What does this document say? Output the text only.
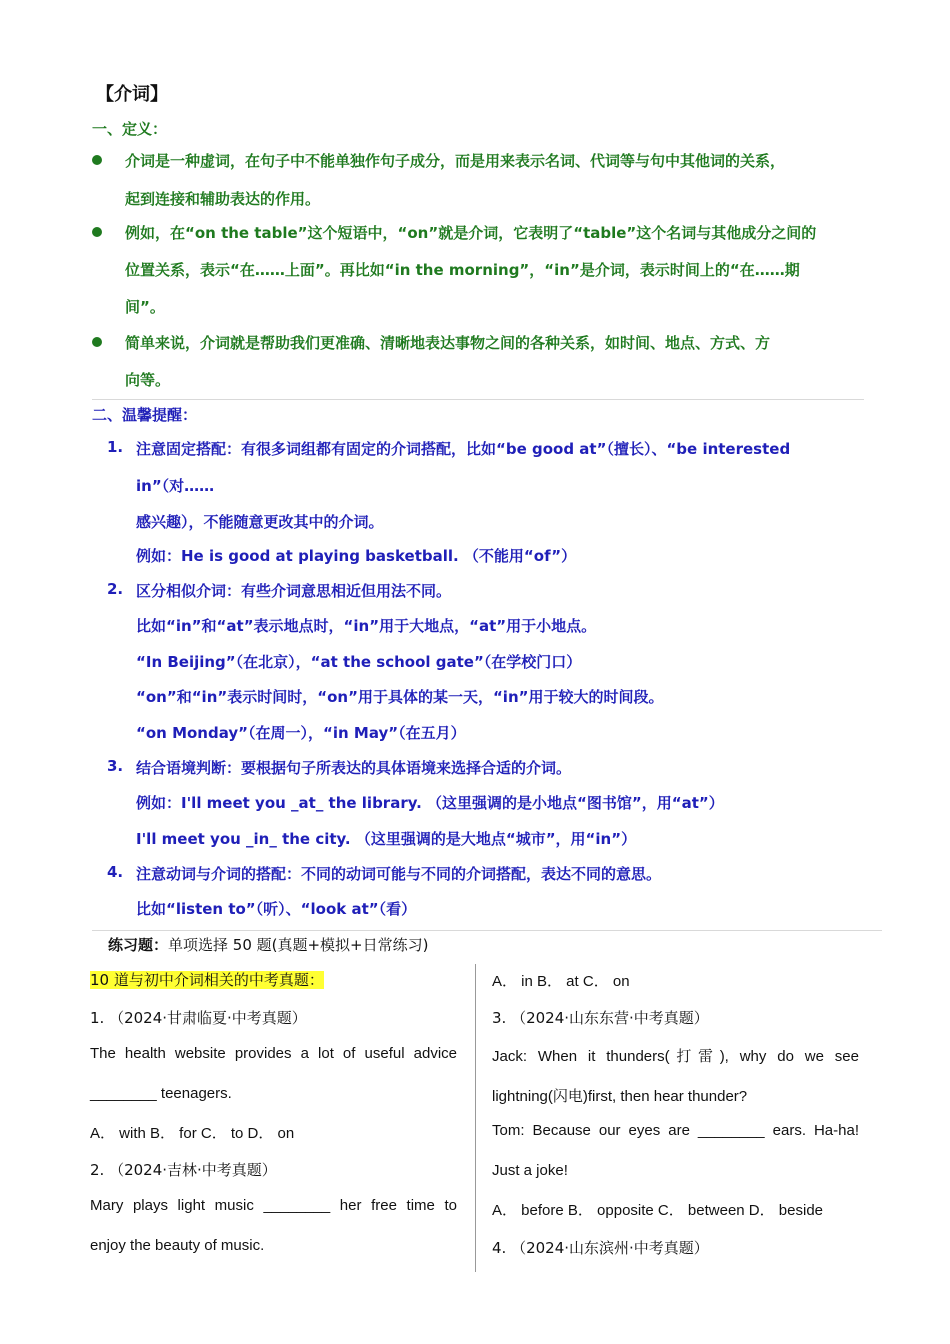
【介词】
一、定义：
介词是一种虚词，在句子中不能单独作句子成分，而是用来表示名词、代词等与句中其他词的关系，
起到连接和辅助表达的作用。
例如，在“on the table”这个短语中，“on”就是介词，它表明了“table”这个名词与其他成分之间的
位置关系，表示“在……上面”。再比如“in the morning”，“in”是介词，表示时间上的“在……期
间”。
简单来说，介词就是帮助我们更准确、清晰地表达事物之间的各种关系，如时间、地点、方式、方
向等。
二、温馨提醒：
1. 注意固定搭配：有很多词组都有固定的介词搭配，比如“be good at”（擅长）、“be interested
in”（对……
感兴趣），不能随意更改其中的介词。
例如：He is good at playing basketball. （不能用“of”）
2. 区分相似介词：有些介词意思相近但用法不同。
比如“in”和“at”表示地点时，“in”用于大地点，“at”用于小地点。
“In Beijing”（在北京），“at the school gate”（在学校门口）
“on”和“in”表示时间时，“on”用于具体的某一天，“in”用于较大的时间段。
“on Monday”（在周一），“in May”（在五月）
3. 结合语境判断：要根据句子所表达的具体语境来选择合适的介词。
例如：I'll meet you _at_ the library. （这里强调的是小地点“图书馆”，用“at”）
I'll meet you _in_ the city. （这里强调的是大地点“城市”，用“in”）
4. 注意动词与介词的搭配：不同的动词可能与不同的介词搭配，表达不同的意思。
比如“listen to”（听）、“look at”（看）
练习题：单项选择 50 题(真题+模拟+日常练习)
10 道与初中介词相关的中考真题：
1. （2024·甘肃临夏·中考真题）
The health website provides a lot of useful advice
________ teenagers.
A． with B． for C． to D． on
2. （2024·吉林·中考真题）
Mary plays light music ________ her free time to
enjoy the beauty of music.
A． in B． at C． on
3. （2024·山东东营·中考真题）
Jack: When it thunders(打雷), why do we see
lightning(闪电)first, then hear thunder?
Tom: Because our eyes are ________ ears. Ha-ha!
Just a joke!
A． before B． opposite C． between D． beside
4. （2024·山东滨州·中考真题）
